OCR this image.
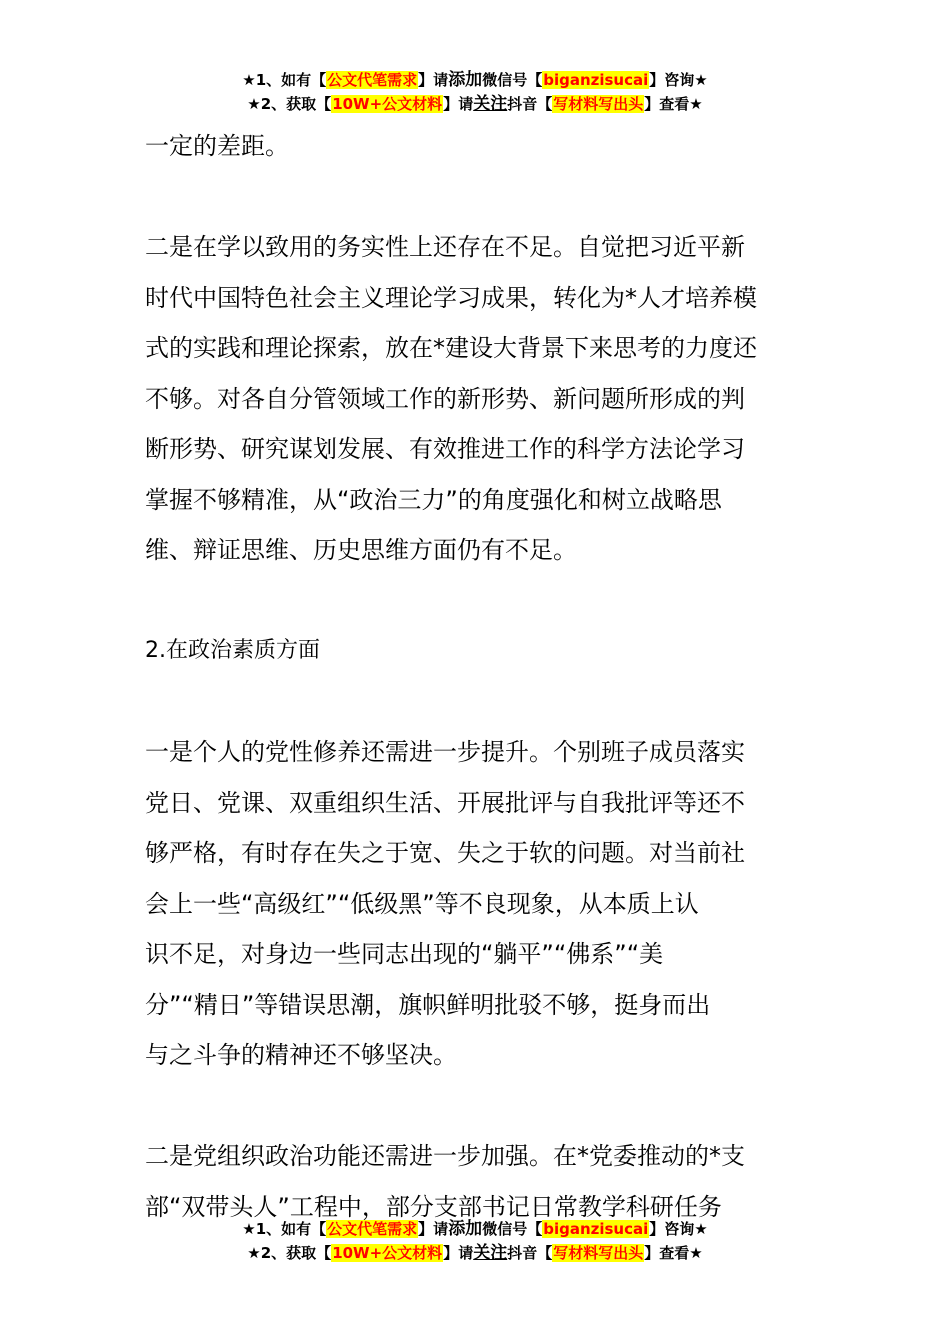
★1、如有【公文代笔需求】请添加微信号【biganzisucai】咨询★
★2、获取【10W+公文材料】请关注抖音【写材料写出头】查看★

一定的差距。

二是在学以致用的务实性上还存在不足。自觉把习近平新

时代中国特色社会主义理论学习成果，转化为*人才培养模

式的实践和理论探索，放在*建设大背景下来思考的力度还

不够。对各自分管领域工作的新形势、新问题所形成的判

断形势、研究谋划发展、有效推进工作的科学方法论学习

掌握不够精准，从“政治三力”的角度强化和树立战略思

维、辩证思维、历史思维方面仍有不足。

2.在政治素质方面

一是个人的党性修养还需进一步提升。个别班子成员落实

党日、党课、双重组织生活、开展批评与自我批评等还不

够严格，有时存在失之于宽、失之于软的问题。对当前社

会上一些“高级红”“低级黑”等不良现象，从本质上认

识不足，对身边一些同志出现的“躺平”“佛系”“美

分”“精日”等错误思潮，旗帜鲜明批驳不够，挺身而出

与之斗争的精神还不够坚决。

二是党组织政治功能还需进一步加强。在*党委推动的*支

部“双带头人”工程中，部分支部书记日常教学科研任务

★1、如有【公文代笔需求】请添加微信号【biganzisucai】咨询★
★2、获取【10W+公文材料】请关注抖音【写材料写出头】查看★
